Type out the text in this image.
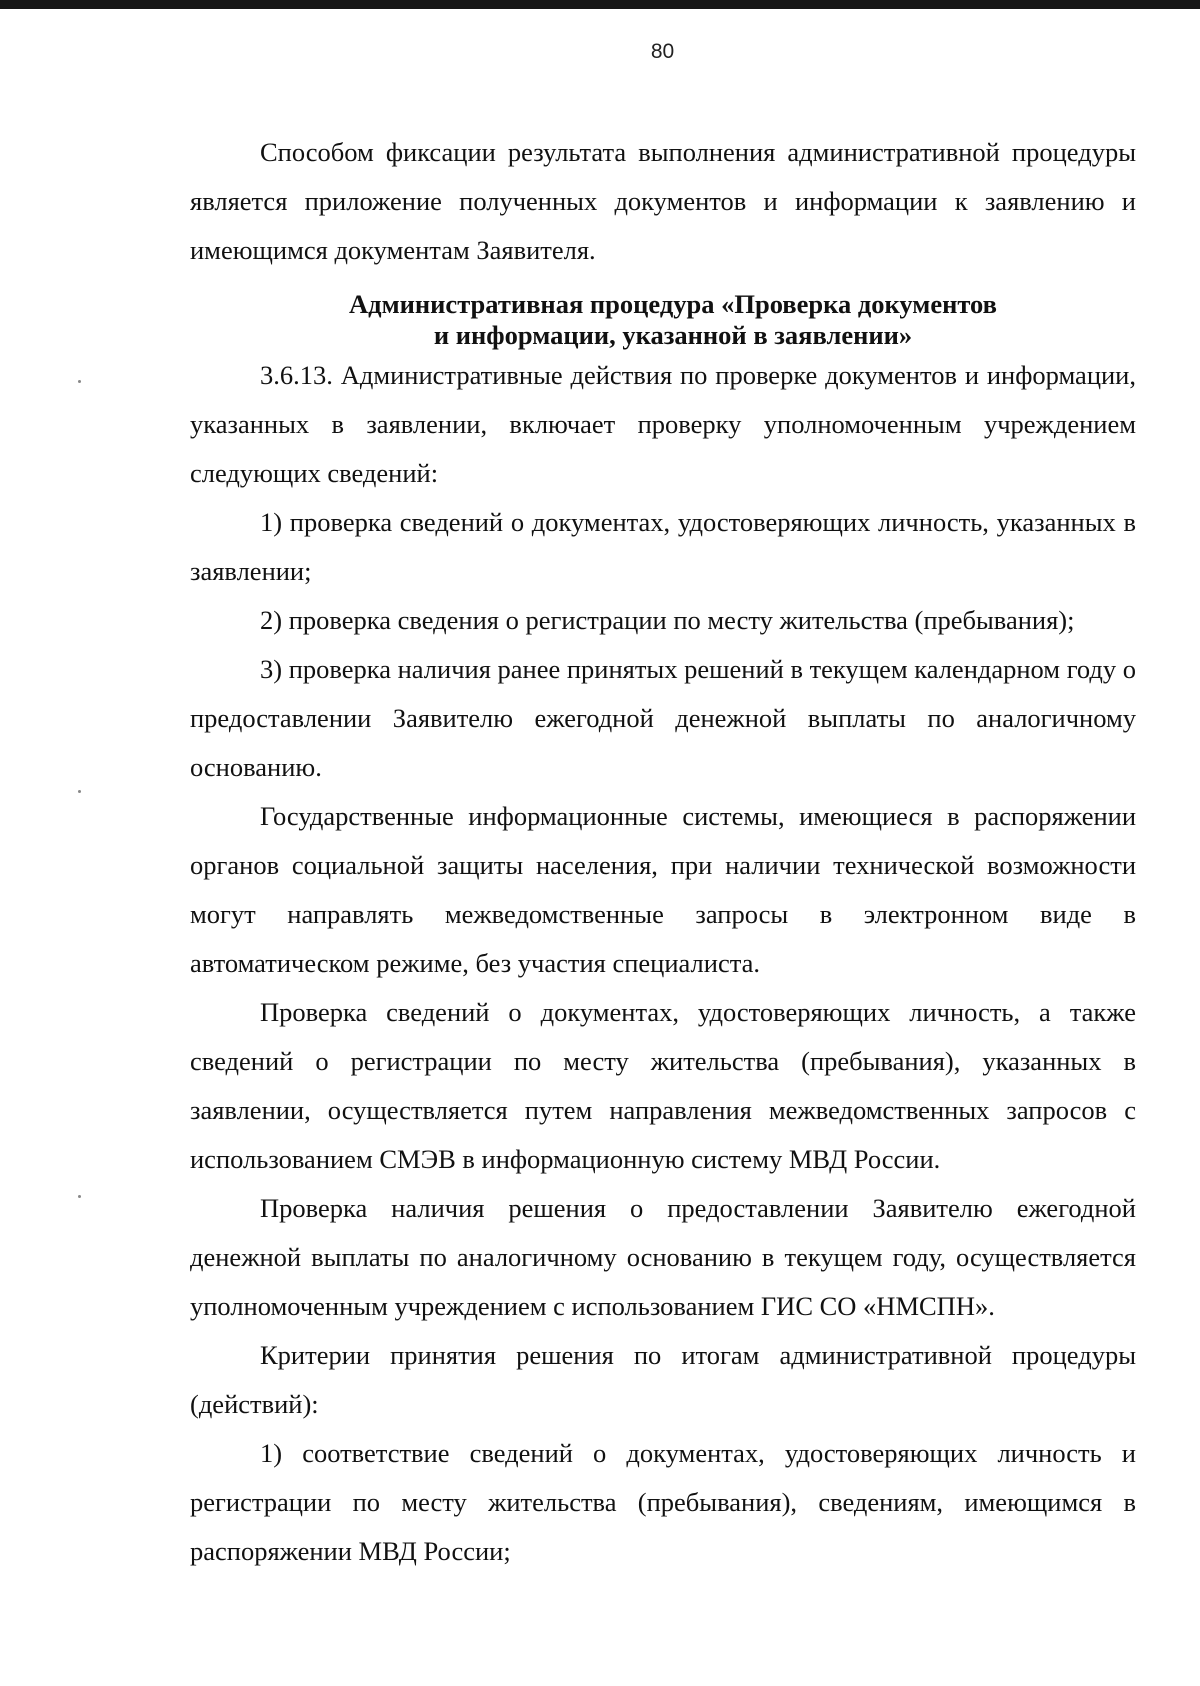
80

Способом фиксации результата выполнения административной процедуры является приложение полученных документов и информации к заявлению и имеющимся документам Заявителя.

Административная процедура «Проверка документов
и информации, указанной в заявлении»

3.6.13. Административные действия по проверке документов и информации, указанных в заявлении, включает проверку уполномоченным учреждением следующих сведений:

1) проверка сведений о документах, удостоверяющих личность, указанных в заявлении;

2) проверка сведения о регистрации по месту жительства (пребывания);

3) проверка наличия ранее принятых решений в текущем календарном году о предоставлении Заявителю ежегодной денежной выплаты по аналогичному основанию.

Государственные информационные системы, имеющиеся в распоряжении органов социальной защиты населения, при наличии технической возможности могут направлять межведомственные запросы в электронном виде в автоматическом режиме, без участия специалиста.

Проверка сведений о документах, удостоверяющих личность, а также сведений о регистрации по месту жительства (пребывания), указанных в заявлении, осуществляется путем направления межведомственных запросов с использованием СМЭВ в информационную систему МВД России.

Проверка наличия решения о предоставлении Заявителю ежегодной денежной выплаты по аналогичному основанию в текущем году, осуществляется уполномоченным учреждением с использованием ГИС СО «НМСПН».

Критерии принятия решения по итогам административной процедуры (действий):

1) соответствие сведений о документах, удостоверяющих личность и регистрации по месту жительства (пребывания), сведениям, имеющимся в распоряжении МВД России;
